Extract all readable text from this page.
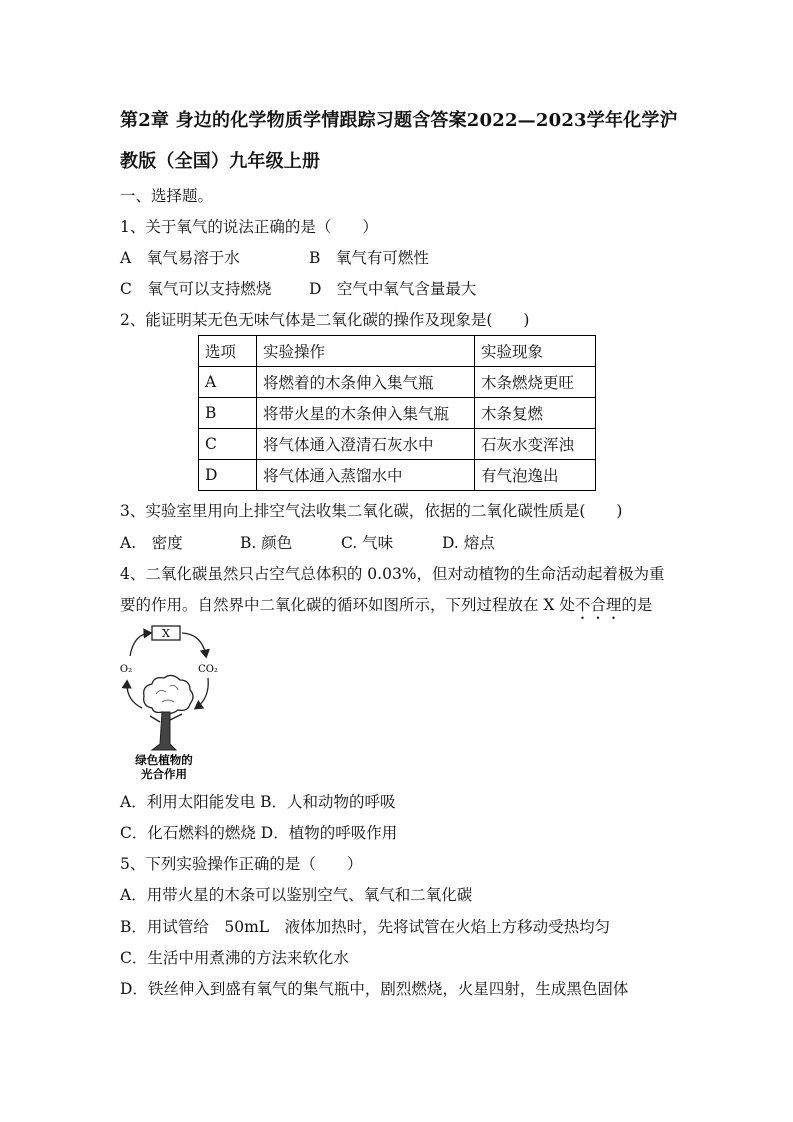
第2章 身边的化学物质学情跟踪习题含答案2022—2023学年化学沪
教版（全国）九年级上册
一、选择题。
1、关于氧气的说法正确的是（　　）
A　氧气易溶于水	B　氧气有可燃性
C　氧气可以支持燃烧 D　空气中氧气含量最大
2、能证明某无色无味气体是二氧化碳的操作及现象是(　　)
选项	实验操作	实验现象
A	将燃着的木条伸入集气瓶	木条燃烧更旺
B	将带火星的木条伸入集气瓶	木条复燃
C	将气体通入澄清石灰水中	石灰水变浑浊
D	将气体通入蒸馏水中	有气泡逸出
3、实验室里用向上排空气法收集二氧化碳，依据的二氧化碳性质是(　　)
A.　密度	B. 颜色	C. 气味	D. 熔点
4、二氧化碳虽然只占空气总体积的 0.03%，但对动植物的生命活动起着极为重
要的作用。自然界中二氧化碳的循环如图所示，下列过程放在 X 处不合理的是
X
O₂	CO₂
绿色植物的
光合作用
A．利用太阳能发电 B．人和动物的呼吸
C．化石燃料的燃烧 D．植物的呼吸作用
5、下列实验操作正确的是（　　）
A．用带火星的木条可以鉴别空气、氧气和二氧化碳
B．用试管给　50mL　液体加热时，先将试管在火焰上方移动受热均匀
C．生活中用煮沸的方法来软化水
D．铁丝伸入到盛有氧气的集气瓶中，剧烈燃烧，火星四射，生成黑色固体
